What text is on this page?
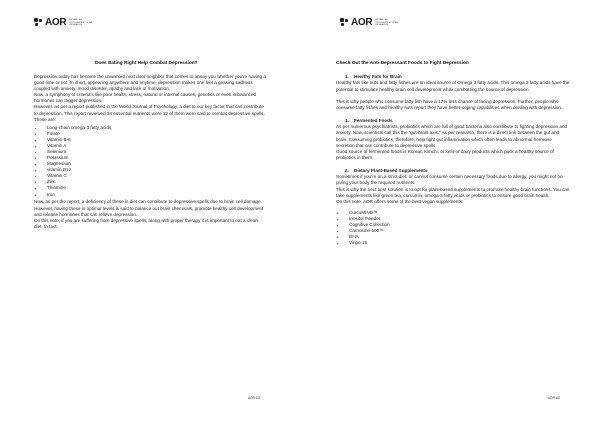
AOR ADVANCED
ORTHOMOLECULAR
RESEARCH
Does Eating Right Help Combat Depression?

Depression today has become the unwanted next door neighbor that comes to annoy you whether you’re having a good time or not. In short, appearing anywhere and anytime, depression makes one feel a growing sadness coupled with anxiety, mood disorder, apathy and lack of motivation.

Now, a symphony of criteria’s like poor health, stress, natural or internal causes, genetics or even imbalanced hormones can trigger depression.

However, as per a report published in the World Journal of Psychology, a diet to our key factor that can contribute to depression. This report reviewed 34 essential nutrients were 12 of them were said to combat depressive spells.

These are:

• Long-chain omega-3 fatty acids,
• Folate
• Vitamin B-6
• Vitamin A
• Selenium
• Potassium
• Magnesium
• vitamin B12
• Vitamin C
• Zinc
• Thiamine
• Iron

Now, as per the report, a deficiency of these in diet can contribute to depressive spells due to brain cell damage. However, having these in optimal levels is said to balance out brain chemicals, promote healthy cell development and release hormones that can relieve depression.

On this note, if you are suffering from depressive spells, along with proper therapy it is important to eat a clean diet. In fact,

AOR.US
AOR ADVANCED
ORTHOMOLECULAR
RESEARCH
Check Out the Anti-Depressant Foods to Fight Depression
1. Healthy Fats for Brain

Healthy fats like nuts and fatty fishes are an ideal source of Omega 3 fatty acids. This omega 3 fatty acids have the potential to stimulate healthy brain cell development while combatting the source of depression.

This is why people who consume fatty fish have a 17% less chance of facing depression. Further, people who consume fatty fishes and healthy nuts report they have better-coping capabilities when dealing with depression.

1. Fermented Foods

As per numerous psychiatrists, probiotics which are full of good bacteria also contribute to fighting depression and anxiety. Now, scientists call this the “gut-brain axis.” As per research, there is a direct link between the gut and brain. Consuming probiotics, therefore, help fight gut inflammation which often leads to abnormal hormone secretion that can contribute to depressive spells.

Good source of fermented foods is Korean Kimchi, or kefir or dairy products which pack a healthy source of probiotics in them.

2. Dietary Plant-Based Supplements

Sometimes if you’re on a strict diet, or cannot consume certain necessary foods due to allergy, you might not be giving your body the required nutrients.

This is why the next best solution is to opt for plant-based supplements to promote healthy brain functions. You can take supplements like green tea, curcumin, omega-3 fatty acids or probiotics to ensure good brain health.

On this note, AOR offers some of the best vegan supplements:

• CurcuMIND™
• Inositol Powder
• Cognitive Collection
• Carnosine-500™
• DHA
• Vinpo 15
AOR.US
